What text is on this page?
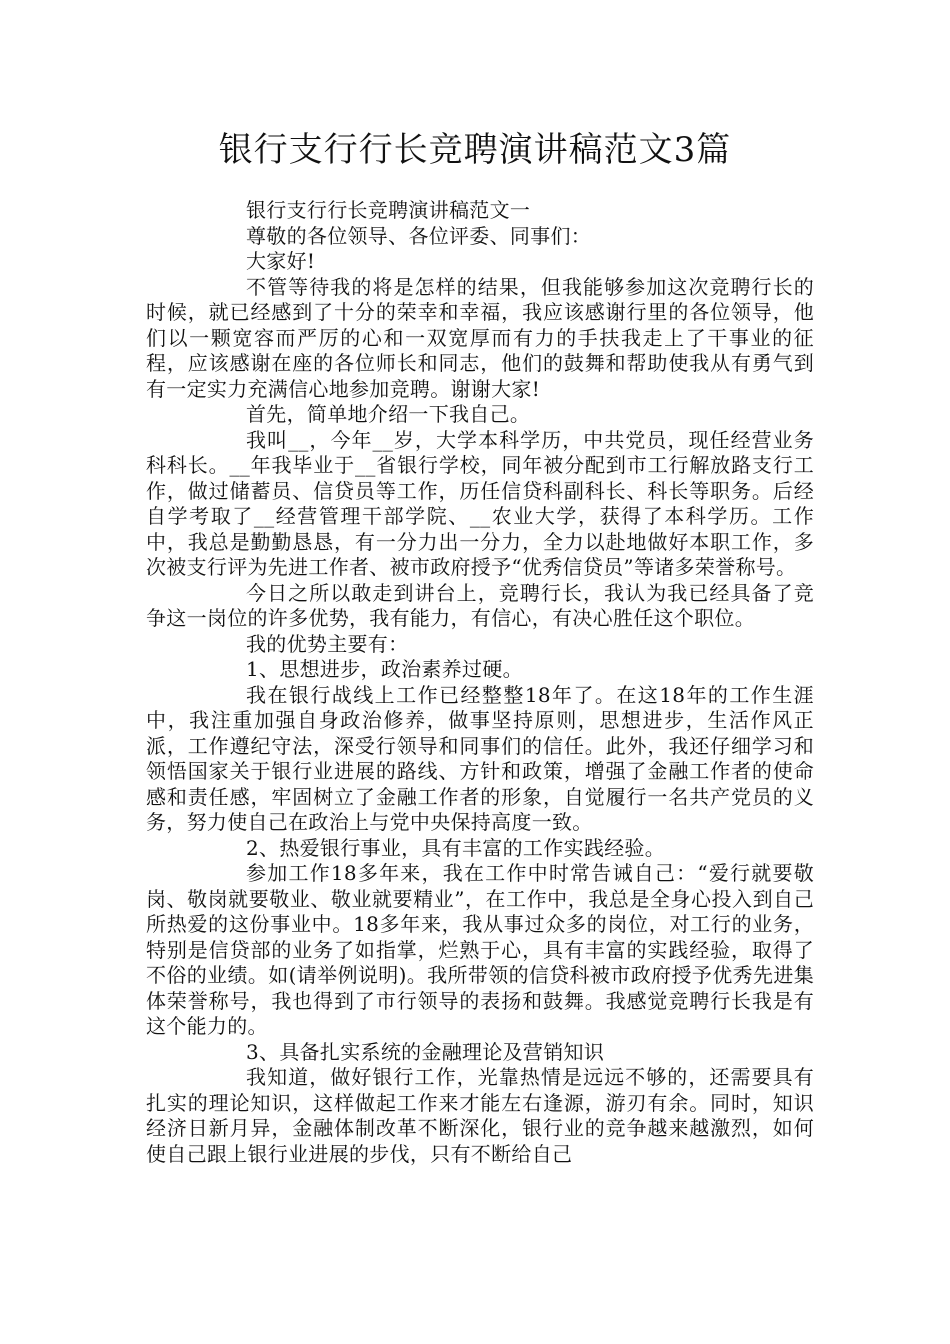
银行支行行长竞聘演讲稿范文3篇

银行支行行长竞聘演讲稿范文一

尊敬的各位领导、各位评委、同事们：

大家好!

不管等待我的将是怎样的结果，但我能够参加这次竞聘行长的时候，就已经感到了十分的荣幸和幸福，我应该感谢行里的各位领导，他们以一颗宽容而严厉的心和一双宽厚而有力的手扶我走上了干事业的征程，应该感谢在座的各位师长和同志，他们的鼓舞和帮助使我从有勇气到有一定实力充满信心地参加竞聘。谢谢大家!

首先，简单地介绍一下我自己。

我叫__，今年__岁，大学本科学历，中共党员，现任经营业务科科长。__年我毕业于__省银行学校，同年被分配到市工行解放路支行工作，做过储蓄员、信贷员等工作，历任信贷科副科长、科长等职务。后经自学考取了__经营管理干部学院、__农业大学，获得了本科学历。工作中，我总是勤勤恳恳，有一分力出一分力，全力以赴地做好本职工作，多次被支行评为先进工作者、被市政府授予“优秀信贷员”等诸多荣誉称号。

今日之所以敢走到讲台上，竞聘行长，我认为我已经具备了竞争这一岗位的许多优势，我有能力，有信心，有决心胜任这个职位。

我的优势主要有：

1、思想进步，政治素养过硬。

我在银行战线上工作已经整整18年了。在这18年的工作生涯中，我注重加强自身政治修养，做事坚持原则，思想进步，生活作风正派，工作遵纪守法，深受行领导和同事们的信任。此外，我还仔细学习和领悟国家关于银行业进展的路线、方针和政策，增强了金融工作者的使命感和责任感，牢固树立了金融工作者的形象，自觉履行一名共产党员的义务，努力使自己在政治上与党中央保持高度一致。

2、热爱银行事业，具有丰富的工作实践经验。

参加工作18多年来，我在工作中时常告诫自己：“爱行就要敬岗、敬岗就要敬业、敬业就要精业”，在工作中，我总是全身心投入到自己所热爱的这份事业中。18多年来，我从事过众多的岗位，对工行的业务，特别是信贷部的业务了如指掌，烂熟于心，具有丰富的实践经验，取得了不俗的业绩。如(请举例说明)。我所带领的信贷科被市政府授予优秀先进集体荣誉称号，我也得到了市行领导的表扬和鼓舞。我感觉竞聘行长我是有这个能力的。

3、具备扎实系统的金融理论及营销知识

我知道，做好银行工作，光靠热情是远远不够的，还需要具有扎实的理论知识，这样做起工作来才能左右逢源，游刃有余。同时，知识经济日新月异，金融体制改革不断深化，银行业的竞争越来越激烈，如何使自己跟上银行业进展的步伐，只有不断给自己
